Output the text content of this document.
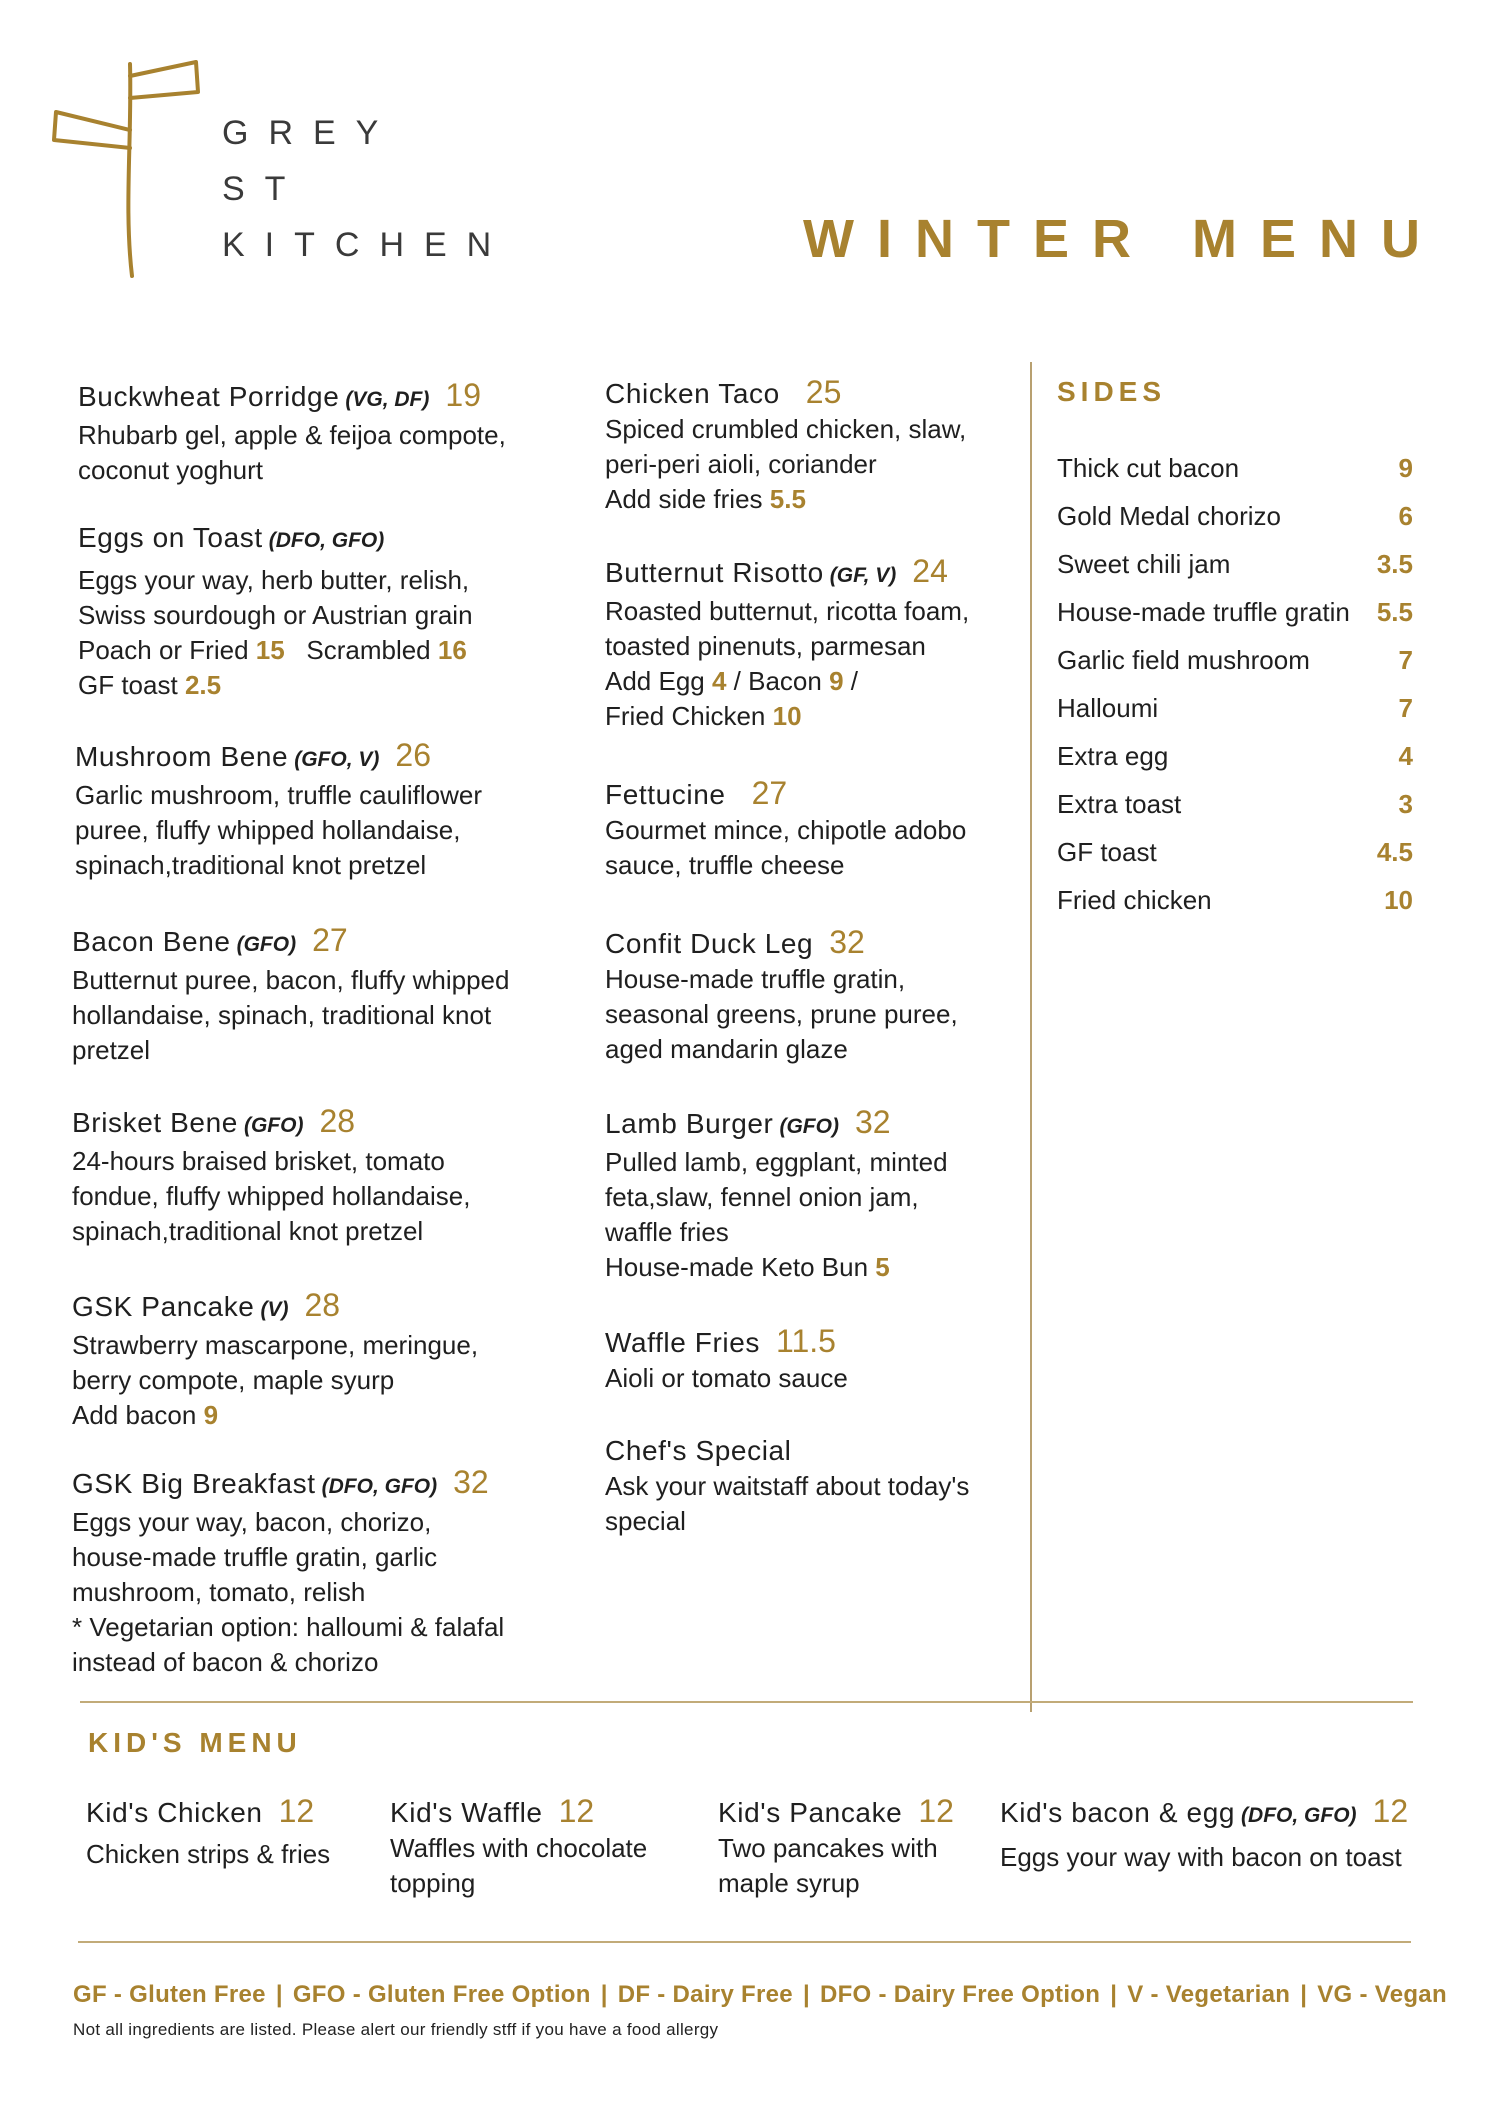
GREY
ST
KITCHEN	WINTER MENU
Buckwheat Porridge (VG, DF) 19
Rhubarb gel, apple & feijoa compote,
coconut yoghurt
Eggs on Toast (DFO, GFO)
Eggs your way, herb butter, relish,
Swiss sourdough or Austrian grain
Poach or Fried 15 Scrambled 16
GF toast 2.5
Mushroom Bene (GFO, V) 26
Garlic mushroom, truffle cauliflower
puree, fluffy whipped hollandaise,
spinach,traditional knot pretzel
Bacon Bene (GFO) 27
Butternut puree, bacon, fluffy whipped
hollandaise, spinach, traditional knot
pretzel
Brisket Bene (GFO) 28
24-hours braised brisket, tomato
fondue, fluffy whipped hollandaise,
spinach,traditional knot pretzel
GSK Pancake (V) 28
Strawberry mascarpone, meringue,
berry compote, maple syurp
Add bacon 9
GSK Big Breakfast (DFO, GFO) 32
Eggs your way, bacon, chorizo,
house-made truffle gratin, garlic
mushroom, tomato, relish
* Vegetarian option: halloumi & falafal
instead of bacon & chorizo
Chicken Taco 25
Spiced crumbled chicken, slaw,
peri-peri aioli, coriander
Add side fries 5.5
Butternut Risotto (GF, V) 24
Roasted butternut, ricotta foam,
toasted pinenuts, parmesan
Add Egg 4 / Bacon 9 /
Fried Chicken 10
Fettucine 27
Gourmet mince, chipotle adobo
sauce, truffle cheese
Confit Duck Leg 32
House-made truffle gratin,
seasonal greens, prune puree,
aged mandarin glaze
Lamb Burger (GFO) 32
Pulled lamb, eggplant, minted
feta,slaw, fennel onion jam,
waffle fries
House-made Keto Bun 5
Waffle Fries 11.5
Aioli or tomato sauce
Chef's Special
Ask your waitstaff about today's
special
SIDES
Thick cut bacon	9
Gold Medal chorizo	6
Sweet chili jam	3.5
House-made truffle gratin 5.5
Garlic field mushroom	7
Halloumi	7
Extra egg	4
Extra toast	3
GF toast	4.5
Fried chicken	10
KID'S MENU
Kid's Chicken 12
Chicken strips & fries
Kid's Waffle 12
Waffles with chocolate
topping
Kid's Pancake 12
Two pancakes with
maple syrup
Kid's bacon & egg (DFO, GFO) 12
Eggs your way with bacon on toast
GF - Gluten Free | GFO - Gluten Free Option | DF - Dairy Free | DFO - Dairy Free Option | V - Vegetarian | VG - Vegan
Not all ingredients are listed. Please alert our friendly stff if you have a food allergy
